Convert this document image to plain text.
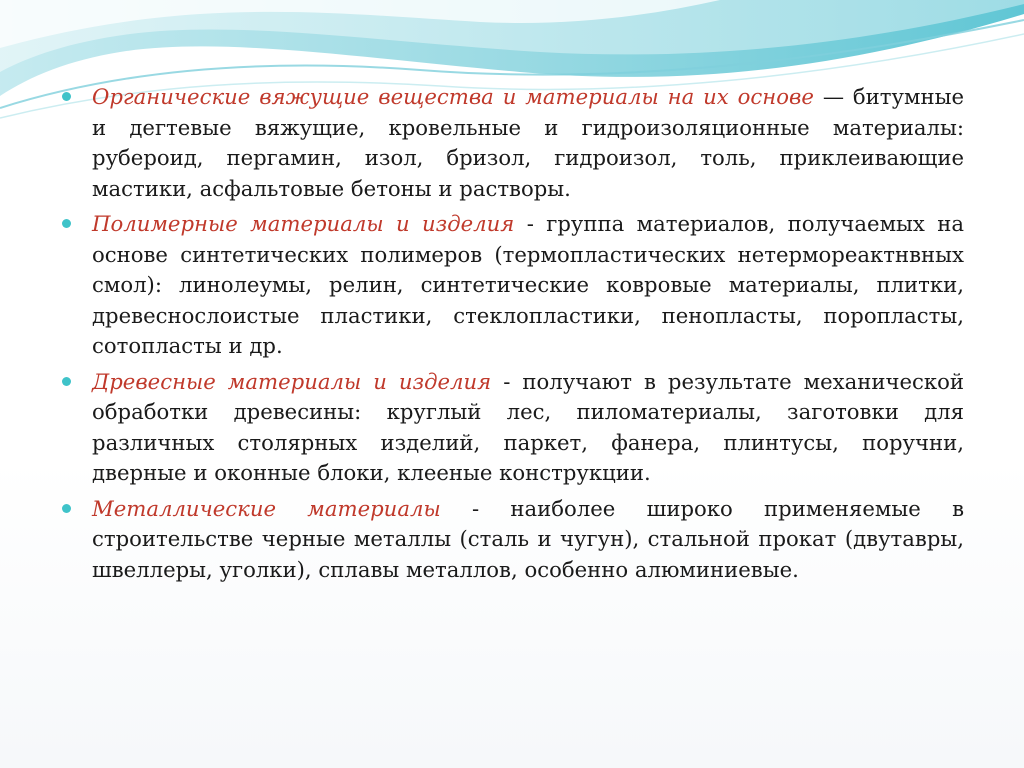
Органические вяжущие вещества и материалы на их основе — битумные и дегтевые вяжущие, кровельные и гидроизоляционные материалы: рубероид, пергамин, изол, бризол, гидроизол, толь, приклеивающие мастики, асфальтовые бетоны и растворы.
Полимерные материалы и изделия - группа материалов, получаемых на основе синтетических полимеров (термопластических нетермореактнвных смол): линолеумы, релин, синтетические ковровые материалы, плитки, древеснослоистые пластики, стеклопластики, пенопласты, поропласты, сотопласты и др.
Древесные материалы и изделия - получают в результате механической обработки древесины: круглый лес, пиломатериалы, заготовки для различных столярных изделий, паркет, фанера, плинтусы, поручни, дверные и оконные блоки, клееные конструкции.
Металлические материалы - наиболее широко применяемые в строительстве черные металлы (сталь и чугун), стальной прокат (двутавры, швеллеры, уголки), сплавы металлов, особенно алюминиевые.
